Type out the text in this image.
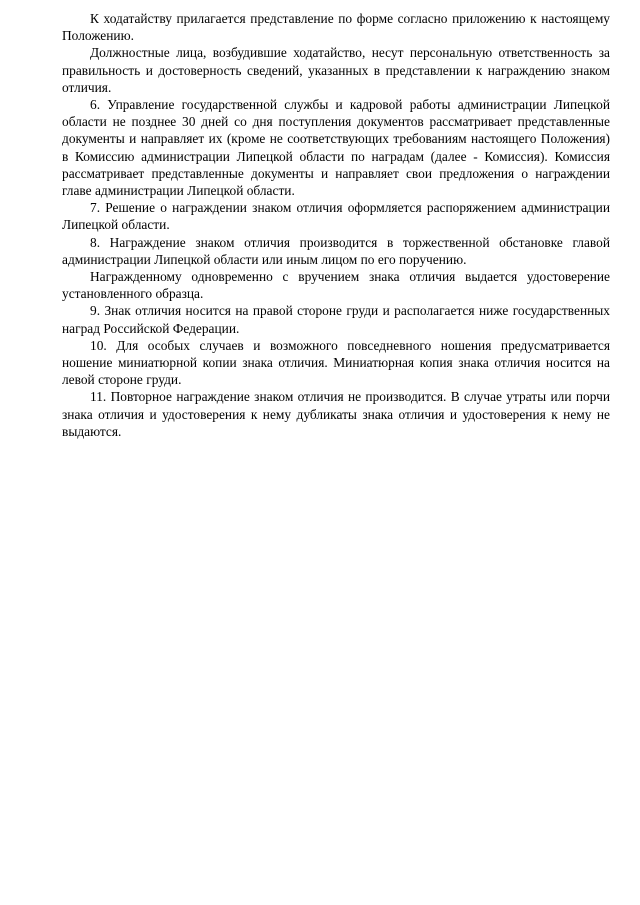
К ходатайству прилагается представление по форме согласно приложению к настоящему Положению.

Должностные лица, возбудившие ходатайство, несут персональную ответственность за правильность и достоверность сведений, указанных в представлении к награждению знаком отличия.

6. Управление государственной службы и кадровой работы администрации Липецкой области не позднее 30 дней со дня поступления документов рассматривает представленные документы и направляет их (кроме не соответствующих требованиям настоящего Положения) в Комиссию администрации Липецкой области по наградам (далее - Комиссия). Комиссия рассматривает представленные документы и направляет свои предложения о награждении главе администрации Липецкой области.

7. Решение о награждении знаком отличия оформляется распоряжением администрации Липецкой области.

8. Награждение знаком отличия производится в торжественной обстановке главой администрации Липецкой области или иным лицом по его поручению.

Награжденному одновременно с вручением знака отличия выдается удостоверение установленного образца.

9. Знак отличия носится на правой стороне груди и располагается ниже государственных наград Российской Федерации.

10. Для особых случаев и возможного повседневного ношения предусматривается ношение миниатюрной копии знака отличия. Миниатюрная копия знака отличия носится на левой стороне груди.

11. Повторное награждение знаком отличия не производится. В случае утраты или порчи знака отличия и удостоверения к нему дубликаты знака отличия и удостоверения к нему не выдаются.
